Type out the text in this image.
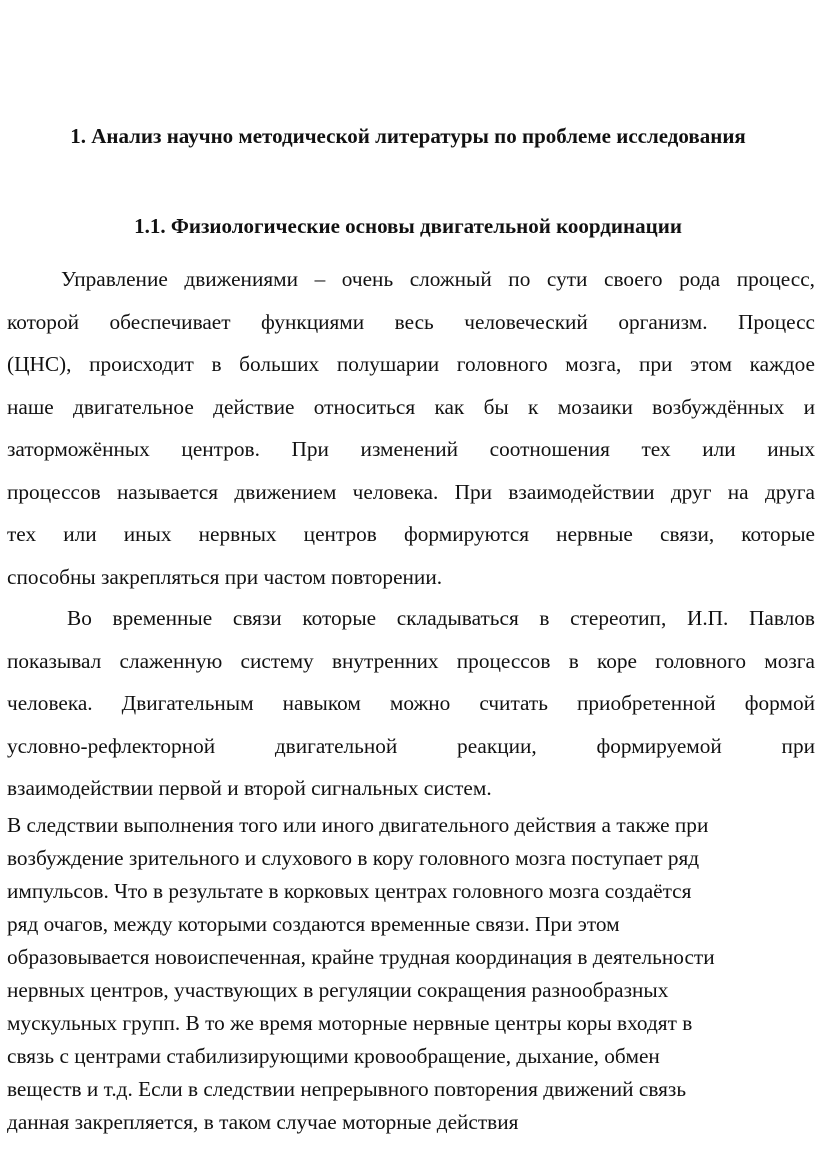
1. Анализ научно методической литературы по проблеме исследования
1.1. Физиологические основы двигательной координации

Управление движениями – очень сложный по сути своего рода процесс,
которой обеспечивает функциями весь человеческий организм. Процесс
(ЦНС), происходит в больших полушарии головного мозга, при этом каждое
наше двигательное действие относиться как бы к мозаики возбуждённых и
заторможённых центров. При изменений соотношения тех или иных
процессов называется движением человека. При взаимодействии друг на друга
тех или иных нервных центров формируются нервные связи, которые
способны закрепляться при частом повторении.

Во временные связи которые складываться в стереотип, И.П. Павлов
показывал слаженную систему внутренних процессов в коре головного мозга
человека. Двигательным навыком можно считать приобретенной формой
условно-рефлекторной двигательной реакции, формируемой при
взаимодействии первой и второй сигнальных систем.

В следствии выполнения того или иного двигательного действия а также при
возбуждение зрительного и слухового в кору головного мозга поступает ряд
импульсов. Что в результате в корковых центрах головного мозга создаётся
ряд очагов, между которыми создаются временные связи. При этом
образовывается новоиспеченная, крайне трудная координация в деятельности
нервных центров, участвующих в регуляции сокращения разнообразных
мускульных групп. В то же время моторные нервные центры коры входят в
связь с центрами стабилизирующими кровообращение, дыхание, обмен
веществ и т.д. Если в следствии непрерывного повторения движений связь
данная закрепляется, в таком случае моторные действия
